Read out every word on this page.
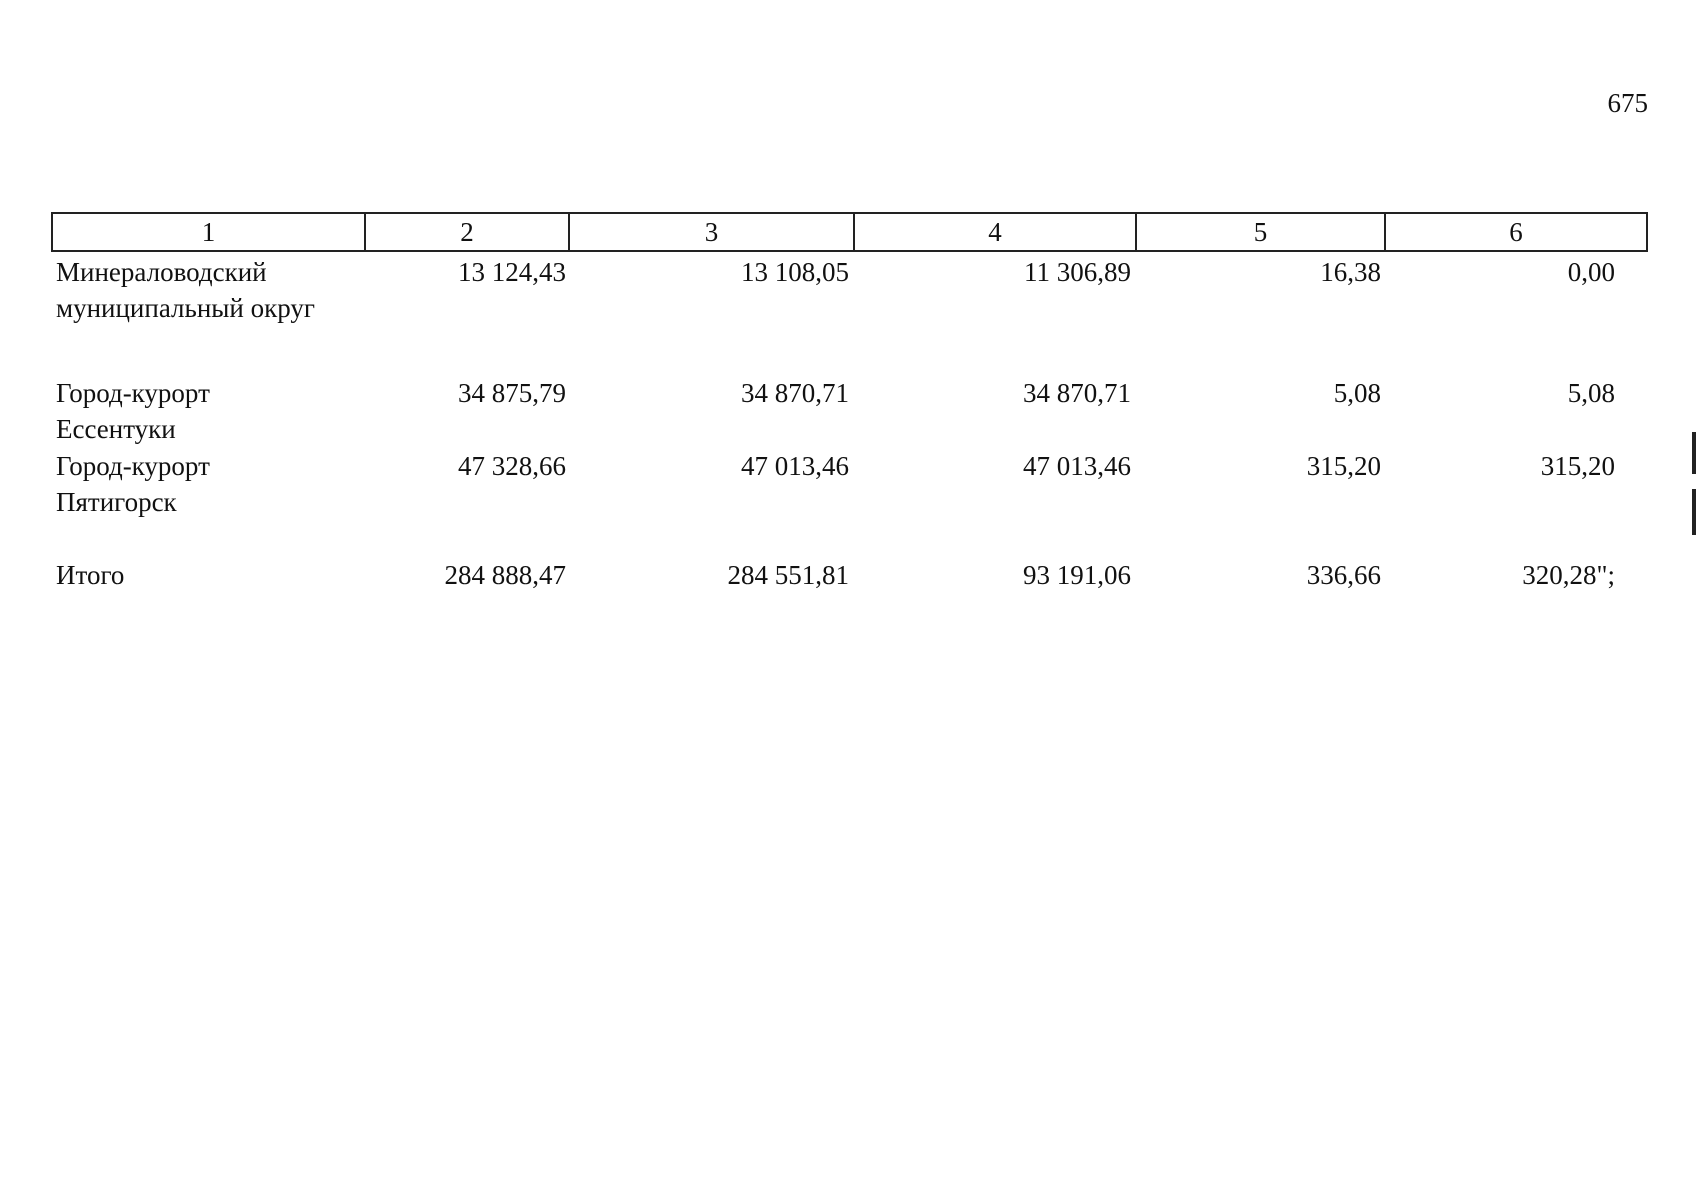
675
1	2	3	4	5	6
Минераловодский
муниципальный округ
13 124,43	13 108,05	11 306,89	16,38	0,00
Город-курорт
Ессентуки
34 875,79	34 870,71	34 870,71	5,08	5,08
Город-курорт
Пятигорск
47 328,66	47 013,46	47 013,46	315,20	315,20
Итого	284 888,47	284 551,81	93 191,06	336,66	320,28";
